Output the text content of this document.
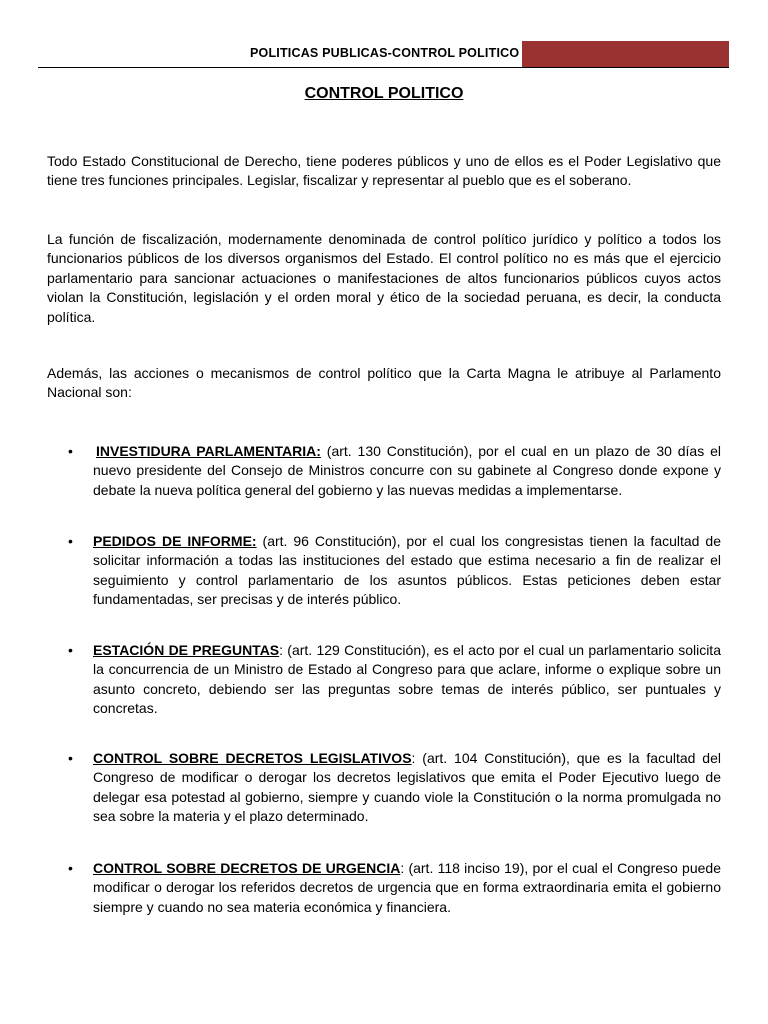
POLITICAS PUBLICAS-CONTROL POLITICO
CONTROL POLITICO

Todo Estado Constitucional de Derecho, tiene poderes públicos y uno de ellos es el Poder Legislativo que tiene tres funciones principales. Legislar, fiscalizar y representar al pueblo que es el soberano.

La función de fiscalización, modernamente denominada de control político jurídico y político a todos los funcionarios públicos de los diversos organismos del Estado. El control político no es más que el ejercicio parlamentario para sancionar actuaciones o manifestaciones de altos funcionarios públicos cuyos actos violan la Constitución, legislación y el orden moral y ético de la sociedad peruana, es decir, la conducta política.

Además, las acciones o mecanismos de control político que la Carta Magna le atribuye al Parlamento Nacional son:

• INVESTIDURA PARLAMENTARIA: (art. 130 Constitución), por el cual en un plazo de 30 días el nuevo presidente del Consejo de Ministros concurre con su gabinete al Congreso donde expone y debate la nueva política general del gobierno y las nuevas medidas a implementarse.

• PEDIDOS DE INFORME: (art. 96 Constitución), por el cual los congresistas tienen la facultad de solicitar información a todas las instituciones del estado que estima necesario a fin de realizar el seguimiento y control parlamentario de los asuntos públicos. Estas peticiones deben estar fundamentadas, ser precisas y de interés público.

• ESTACIÓN DE PREGUNTAS: (art. 129 Constitución), es el acto por el cual un parlamentario solicita la concurrencia de un Ministro de Estado al Congreso para que aclare, informe o explique sobre un asunto concreto, debiendo ser las preguntas sobre temas de interés público, ser puntuales y concretas.

• CONTROL SOBRE DECRETOS LEGISLATIVOS: (art. 104 Constitución), que es la facultad del Congreso de modificar o derogar los decretos legislativos que emita el Poder Ejecutivo luego de delegar esa potestad al gobierno, siempre y cuando viole la Constitución o la norma promulgada no sea sobre la materia y el plazo determinado.

• CONTROL SOBRE DECRETOS DE URGENCIA: (art. 118 inciso 19), por el cual el Congreso puede modificar o derogar los referidos decretos de urgencia que en forma extraordinaria emita el gobierno siempre y cuando no sea materia económica y financiera.
